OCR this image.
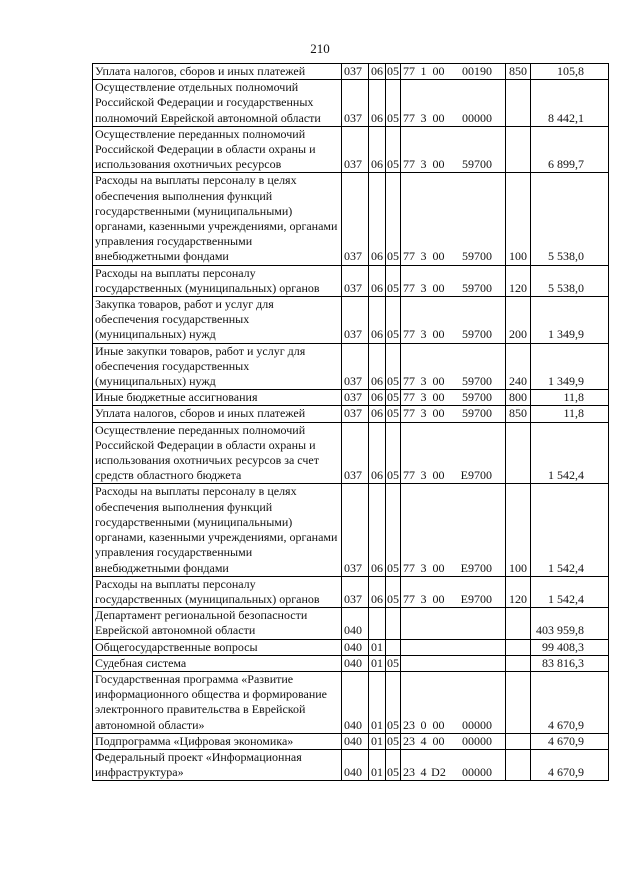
210
Уплата налогов, сборов и иных платежей	037	06	05	77 1 00 00190	850	105,8
Осуществление отдельных полномочий Российской Федерации и государственных полномочий Еврейской автономной области	037	06	05	77 3 00 00000		8 442,1
Осуществление переданных полномочий Российской Федерации в области охраны и использования охотничьих ресурсов	037	06	05	77 3 00 59700		6 899,7
Расходы на выплаты персоналу в целях обеспечения выполнения функций государственными (муниципальными) органами, казенными учреждениями, органами управления государственными внебюджетными фондами	037	06	05	77 3 00 59700	100	5 538,0
Расходы на выплаты персоналу государственных (муниципальных) органов	037	06	05	77 3 00 59700	120	5 538,0
Закупка товаров, работ и услуг для обеспечения государственных (муниципальных) нужд	037	06	05	77 3 00 59700	200	1 349,9
Иные закупки товаров, работ и услуг для обеспечения государственных (муниципальных) нужд	037	06	05	77 3 00 59700	240	1 349,9
Иные бюджетные ассигнования	037	06	05	77 3 00 59700	800	11,8
Уплата налогов, сборов и иных платежей	037	06	05	77 3 00 59700	850	11,8
Осуществление переданных полномочий Российской Федерации в области охраны и использования охотничьих ресурсов за счет средств областного бюджета	037	06	05	77 3 00 E9700		1 542,4
Расходы на выплаты персоналу в целях обеспечения выполнения функций государственными (муниципальными) органами, казенными учреждениями, органами управления государственными внебюджетными фондами	037	06	05	77 3 00 E9700	100	1 542,4
Расходы на выплаты персоналу государственных (муниципальных) органов	037	06	05	77 3 00 E9700	120	1 542,4
Департамент региональной безопасности Еврейской автономной области	040					403 959,8
Общегосударственные вопросы	040	01				99 408,3
Судебная система	040	01	05			83 816,3
Государственная программа «Развитие информационного общества и формирование электронного правительства в Еврейской автономной области»	040	01	05	23 0 00 00000		4 670,9
Подпрограмма «Цифровая экономика»	040	01	05	23 4 00 00000		4 670,9
Федеральный проект «Информационная инфраструктура»	040	01	05	23 4 D2 00000		4 670,9
